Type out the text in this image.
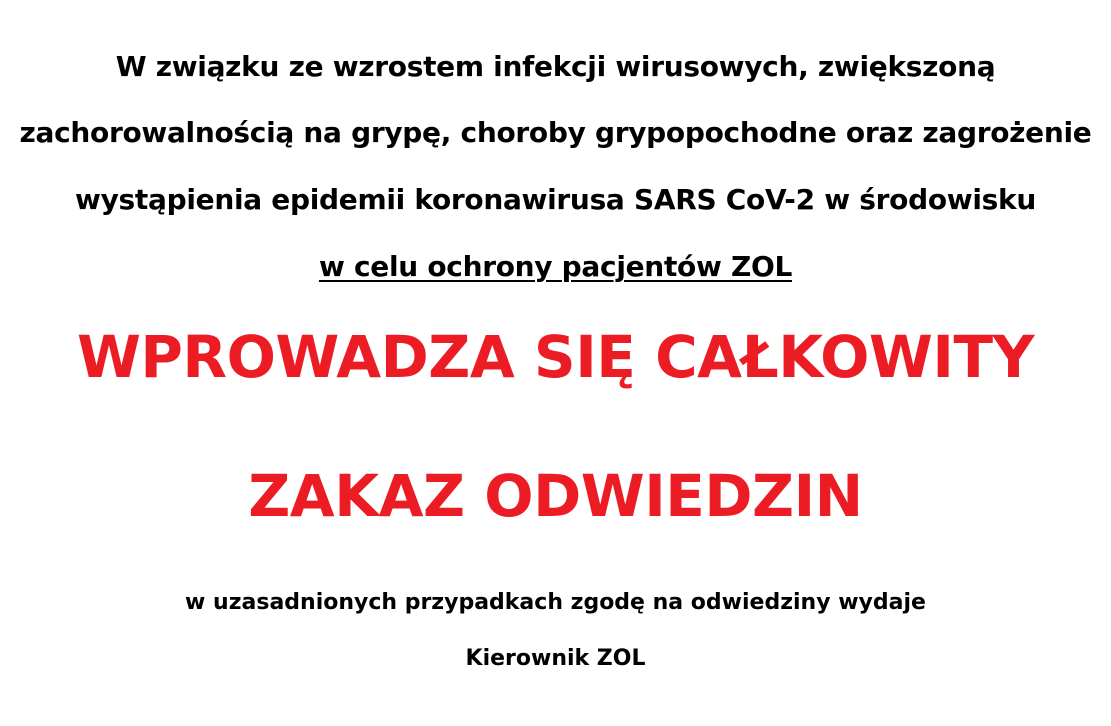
W związku ze wzrostem infekcji wirusowych, zwiększoną
zachorowalnością na grypę, choroby grypopochodne oraz zagrożenie
wystąpienia epidemii koronawirusa SARS CoV-2 w środowisku
w celu ochrony pacjentów ZOL
WPROWADZA SIĘ CAŁKOWITY
ZAKAZ ODWIEDZIN
w uzasadnionych przypadkach zgodę na odwiedziny wydaje
Kierownik ZOL
